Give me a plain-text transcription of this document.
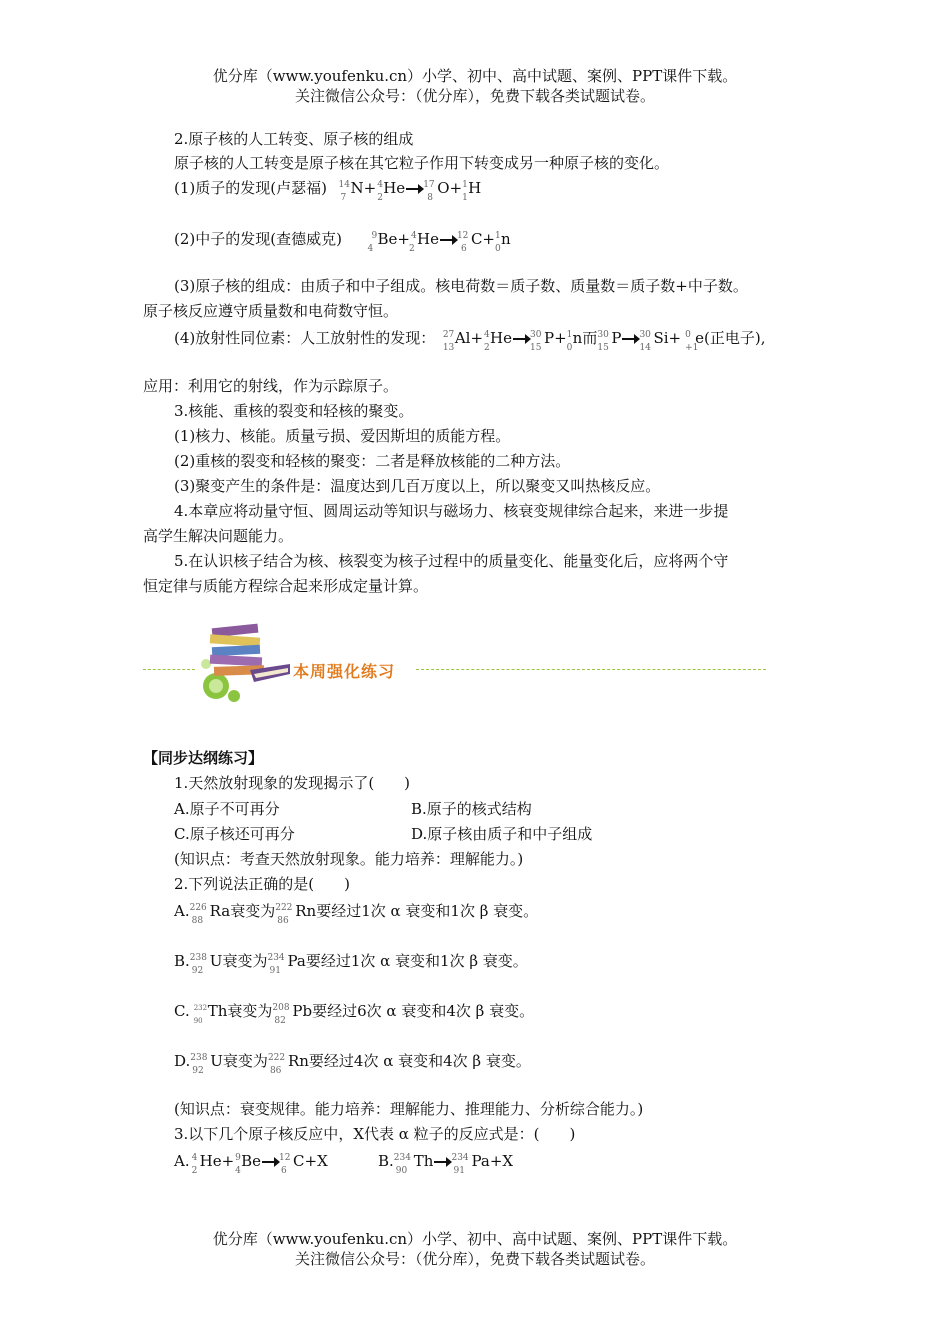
优分库（www.youfenku.cn）小学、初中、高中试题、案例、PPT课件下载。
关注微信公众号：（优分库），免费下载各类试题试卷。
2.原子核的人工转变、原子核的组成
原子核的人工转变是原子核在其它粒子作用下转变成另一种原子核的变化。
(1)质子的发现(卢瑟福) 14
7
N+ 4
2
He→ 17
8
O+ 1
1
H
(2)中子的发现(查德威克)	9
4
Be+ 4
2
He→ 12
6
C+ 1
0
n
(3)原子核的组成：由质子和中子组成。核电荷数＝质子数、质量数＝质子数+中子数。
原子核反应遵守质量数和电荷数守恒。
(4)放射性同位素：人工放射性的发现： 27
13
Al+ 4
2
He→ 30
15
P+ 1
0
n而 30
15
P→ 30
14
Si+ 0
+1
e(正电子),
应用：利用它的射线，作为示踪原子。
3.核能、重核的裂变和轻核的聚变。
(1)核力、核能。质量亏损、爱因斯坦的质能方程。
(2)重核的裂变和轻核的聚变：二者是释放核能的二种方法。
(3)聚变产生的条件是：温度达到几百万度以上，所以聚变又叫热核反应。
4.本章应将动量守恒、圆周运动等知识与磁场力、核衰变规律综合起来，来进一步提
高学生解决问题能力。
5.在认识核子结合为核、核裂变为核子过程中的质量变化、能量变化后，应将两个守
恒定律与质能方程综合起来形成定量计算。
本周强化练习
【同步达纲练习】
1.天然放射现象的发现揭示了(　　)
A.原子不可再分	B.原子的核式结构
C.原子核还可再分	D.原子核由质子和中子组成
(知识点：考查天然放射现象。能力培养：理解能力。)
2.下列说法正确的是(　　)
A. 226
88
Ra衰变为 222
86
Rn要经过1次 α 衰变和1次 β 衰变。
B. 238
92
U衰变为 234
91
Pa要经过1次 α 衰变和1次 β 衰变。
C. 232
90
Th衰变为 208
82
Pb要经过6次 α 衰变和4次 β 衰变。
D. 238
92
U衰变为 222
86
Rn要经过4次 α 衰变和4次 β 衰变。
(知识点：衰变规律。能力培养：理解能力、推理能力、分析综合能力。)
3.以下几个原子核反应中，X代表 α 粒子的反应式是：(　　)
A. 4
2
He+ 9
4
Be→ 12
6
C+X	B. 234
90
Th→ 234
91
Pa+X
优分库（www.youfenku.cn）小学、初中、高中试题、案例、PPT课件下载。
关注微信公众号：（优分库），免费下载各类试题试卷。
